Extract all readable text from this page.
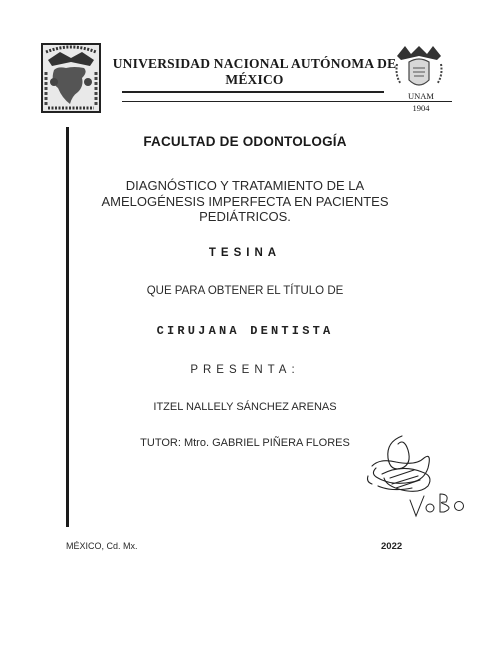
UNIVERSIDAD NACIONAL AUTÓNOMA DE
MÉXICO
UNAM
1904
FACULTAD DE ODONTOLOGÍA
DIAGNÓSTICO Y TRATAMIENTO DE LA
AMELOGÉNESIS IMPERFECTA EN PACIENTES
PEDIÁTRICOS.
TESINA
QUE PARA OBTENER EL TÍTULO DE
CIRUJANA DENTISTA
PRESENTA:
ITZEL NALLELY SÁNCHEZ ARENAS
TUTOR: Mtro. GABRIEL PIÑERA FLORES
VoBo
MÉXICO, Cd. Mx.	2022
